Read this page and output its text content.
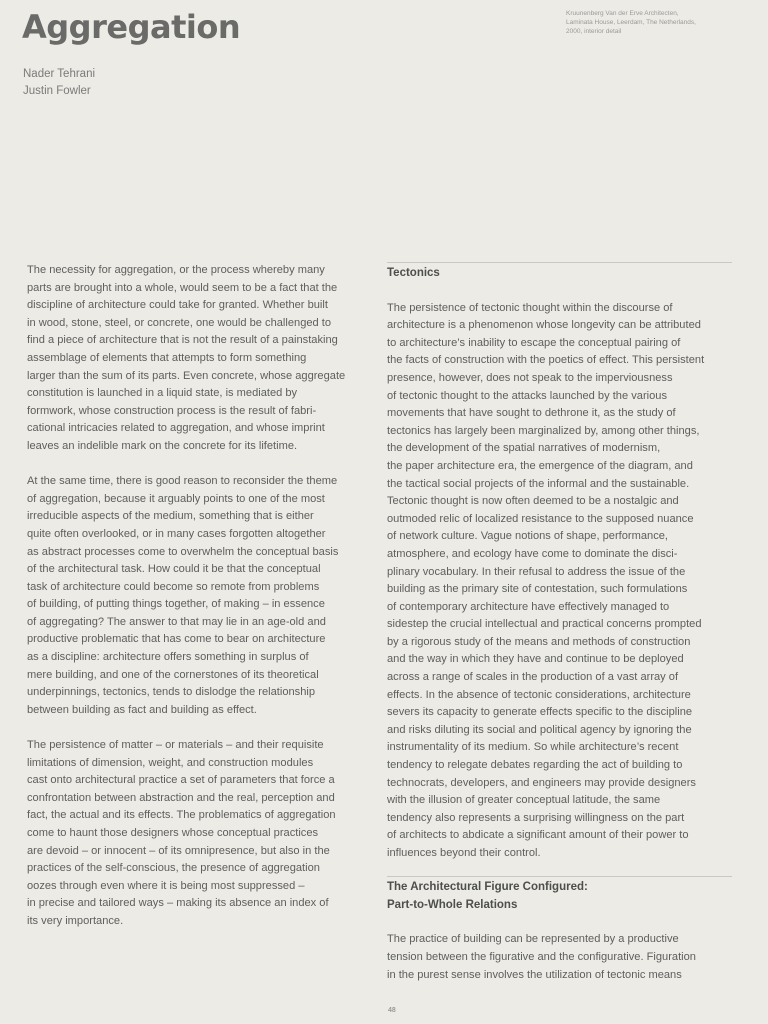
Aggregation
Nader Tehrani
Justin Fowler
Kruunenberg Van der Erve Architecten,
Laminata House, Leerdam, The Netherlands,
2000, interior detail
The necessity for aggregation, or the process whereby many
parts are brought into a whole, would seem to be a fact that the
discipline of architecture could take for granted. Whether built
in wood, stone, steel, or concrete, one would be challenged to
find a piece of architecture that is not the result of a painstaking
assemblage of elements that attempts to form something
larger than the sum of its parts. Even concrete, whose aggregate
constitution is launched in a liquid state, is mediated by
formwork, whose construction process is the result of fabri-
cational intricacies related to aggregation, and whose imprint
leaves an indelible mark on the concrete for its lifetime.
At the same time, there is good reason to reconsider the theme
of aggregation, because it arguably points to one of the most
irreducible aspects of the medium, something that is either
quite often overlooked, or in many cases forgotten altogether
as abstract processes come to overwhelm the conceptual basis
of the architectural task. How could it be that the conceptual
task of architecture could become so remote from problems
of building, of putting things together, of making – in essence
of aggregating? The answer to that may lie in an age-old and
productive problematic that has come to bear on architecture
as a discipline: architecture offers something in surplus of
mere building, and one of the cornerstones of its theoretical
underpinnings, tectonics, tends to dislodge the relationship
between building as fact and building as effect.
The persistence of matter – or materials – and their requisite
limitations of dimension, weight, and construction modules
cast onto architectural practice a set of parameters that force a
confrontation between abstraction and the real, perception and
fact, the actual and its effects. The problematics of aggregation
come to haunt those designers whose conceptual practices
are devoid – or innocent – of its omnipresence, but also in the
practices of the self-conscious, the presence of aggregation
oozes through even where it is being most suppressed –
in precise and tailored ways – making its absence an index of
its very importance.
Tectonics
The persistence of tectonic thought within the discourse of
architecture is a phenomenon whose longevity can be attributed
to architecture’s inability to escape the conceptual pairing of
the facts of construction with the poetics of effect. This persistent
presence, however, does not speak to the imperviousness
of tectonic thought to the attacks launched by the various
movements that have sought to dethrone it, as the study of
tectonics has largely been marginalized by, among other things,
the development of the spatial narratives of modernism,
the paper architecture era, the emergence of the diagram, and
the tactical social projects of the informal and the sustainable.
Tectonic thought is now often deemed to be a nostalgic and
outmoded relic of localized resistance to the supposed nuance
of network culture. Vague notions of shape, performance,
atmosphere, and ecology have come to dominate the disci-
plinary vocabulary. In their refusal to address the issue of the
building as the primary site of contestation, such formulations
of contemporary architecture have effectively managed to
sidestep the crucial intellectual and practical concerns prompted
by a rigorous study of the means and methods of construction
and the way in which they have and continue to be deployed
across a range of scales in the production of a vast array of
effects. In the absence of tectonic considerations, architecture
severs its capacity to generate effects specific to the discipline
and risks diluting its social and political agency by ignoring the
instrumentality of its medium. So while architecture’s recent
tendency to relegate debates regarding the act of building to
technocrats, developers, and engineers may provide designers
with the illusion of greater conceptual latitude, the same
tendency also represents a surprising willingness on the part
of architects to abdicate a significant amount of their power to
influences beyond their control.
The Architectural Figure Configured:
Part-to-Whole Relations
The practice of building can be represented by a productive
tension between the figurative and the configurative. Figuration
in the purest sense involves the utilization of tectonic means
48
